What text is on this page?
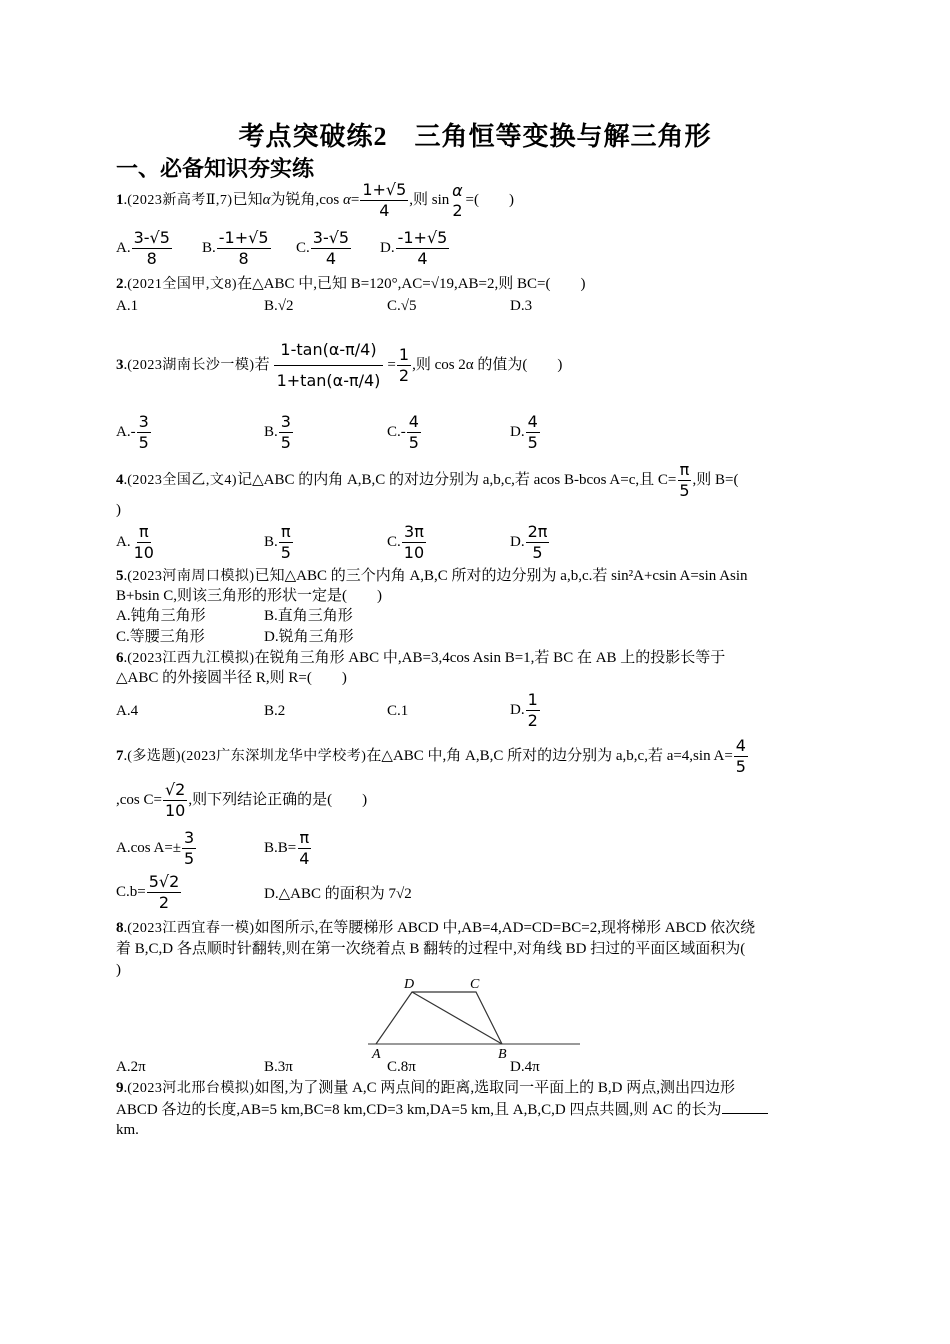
考点突破练2　三角恒等变换与解三角形
一、必备知识夯实练
1.(2023新高考Ⅱ,7)已知α为锐角,cos $\alpha= \frac{1+√5}{4}$ ,则 sin
α
2
=(　　)
A. $\frac{3-√5}{8} B$. $\frac{-1+√5}{8} C$. $\frac{3-√5}{4} D$. $\frac{-1+√5}{4}$
2.(2021全国甲,文8)在△ABC 中,已知 B=120°,AC=√19,AB=2,则 BC=(　　)
A.1	B.√2	C.√5	D.3
3.(2023湖南长沙一模)若 $\frac{1-\tan(\alpha-\pi/4)}{1+\tan(\alpha-\pi/4)} = \frac{1}{2}$ ,则 cos 2α 的值为(　　)
$A.- \frac{3}{5}$	B. $\frac{3}{5}$	$C.- \frac{4}{5}$	D. $\frac{4}{5}$
4.(2023全国乙,文4)记△ABC 的内角 A,B,C 的对边分别为 a,b,c,若 acos B-bcos A=c,且 $C= \frac{\pi}{5}$ ,则 B=(
)
A. $\frac{\pi}{10}$	B. $\frac{\pi}{5}$	C. $\frac{3\pi}{10}$	D. $\frac{2\pi}{5}$
5.(2023河南周口模拟)已知△ABC 的三个内角 A,B,C 所对的边分别为 a,b,c.若 sin²A+csin A=sin Asin
B+bsin C,则该三角形的形状一定是(　　)
A.钝角三角形	B.直角三角形
C.等腰三角形	D.锐角三角形
6.(2023江西九江模拟)在锐角三角形 ABC 中,AB=3,4cos Asin B=1,若 BC 在 AB 上的投影长等于
△ABC 的外接圆半径 R,则 R=(　　)
A.4	B.2	C.1	D. $\frac{1}{2}$
7.(多选题)(2023广东深圳龙华中学校考)在△ABC 中,角 A,B,C 所对的边分别为 a,b,c,若 a=4,sin $A= \frac{4}{5}$
,cos $C= \frac{√2}{10}$ ,则下列结论正确的是(　　)
A.cos $A=\pm \frac{3}{5}$	$B.B= \frac{\pi}{4}$
$C.b= \frac{5√2}{2}$	D.△ABC 的面积为 7√2
8.(2023江西宜春一模)如图所示,在等腰梯形 ABCD 中,AB=4,AD=CD=BC=2,现将梯形 ABCD 依次绕
着 B,C,D 各点顺时针翻转,则在第一次绕着点 B 翻转的过程中,对角线 BD 扫过的平面区域面积为(
)
D	C
A	B
A.2π	B.3π	C.8π	D.4π
9.(2023河北邢台模拟)如图,为了测量 A,C 两点间的距离,选取同一平面上的 B,D 两点,测出四边形
ABCD 各边的长度,AB=5 km,BC=8 km,CD=3 km,DA=5 km,且 A,B,C,D 四点共圆,则 AC 的长为
km.
